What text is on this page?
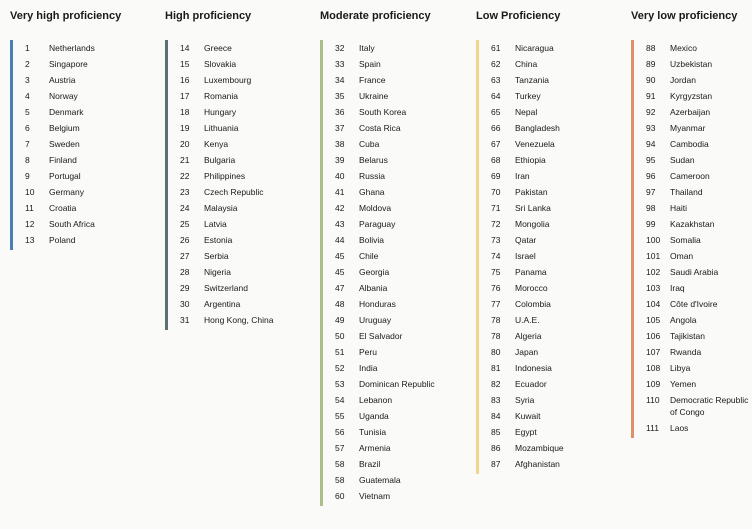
Very high proficiency
1	Netherlands
2	Singapore
3	Austria
4	Norway
5	Denmark
6	Belgium
7	Sweden
8	Finland
9	Portugal
10	Germany
11	Croatia
12	South Africa
13	Poland
High proficiency
14	Greece
15	Slovakia
16	Luxembourg
17	Romania
18	Hungary
19	Lithuania
20	Kenya
21	Bulgaria
22	Philippines
23	Czech Republic
24	Malaysia
25	Latvia
26	Estonia
27	Serbia
28	Nigeria
29	Switzerland
30	Argentina
31	Hong Kong, China
Moderate proficiency
32	Italy
33	Spain
34	France
35	Ukraine
36	South Korea
37	Costa Rica
38	Cuba
39	Belarus
40	Russia
41	Ghana
42	Moldova
43	Paraguay
44	Bolivia
45	Chile
45	Georgia
47	Albania
48	Honduras
49	Uruguay
50	El Salvador
51	Peru
52	India
53	Dominican Republic
54	Lebanon
55	Uganda
56	Tunisia
57	Armenia
58	Brazil
58	Guatemala
60	Vietnam
Low Proficiency
61	Nicaragua
62	China
63	Tanzania
64	Turkey
65	Nepal
66	Bangladesh
67	Venezuela
68	Ethiopia
69	Iran
70	Pakistan
71	Sri Lanka
72	Mongolia
73	Qatar
74	Israel
75	Panama
76	Morocco
77	Colombia
78	U.A.E.
78	Algeria
80	Japan
81	Indonesia
82	Ecuador
83	Syria
84	Kuwait
85	Egypt
86	Mozambique
87	Afghanistan
Very low proficiency
88	Mexico
89	Uzbekistan
90	Jordan
91	Kyrgyzstan
92	Azerbaijan
93	Myanmar
94	Cambodia
95	Sudan
96	Cameroon
97	Thailand
98	Haiti
99	Kazakhstan
100	Somalia
101	Oman
102	Saudi Arabia
103	Iraq
104	Côte d'Ivoire
105	Angola
106	Tajikistan
107	Rwanda
108	Libya
109	Yemen
110	Democratic Republic of Congo
111	Laos
